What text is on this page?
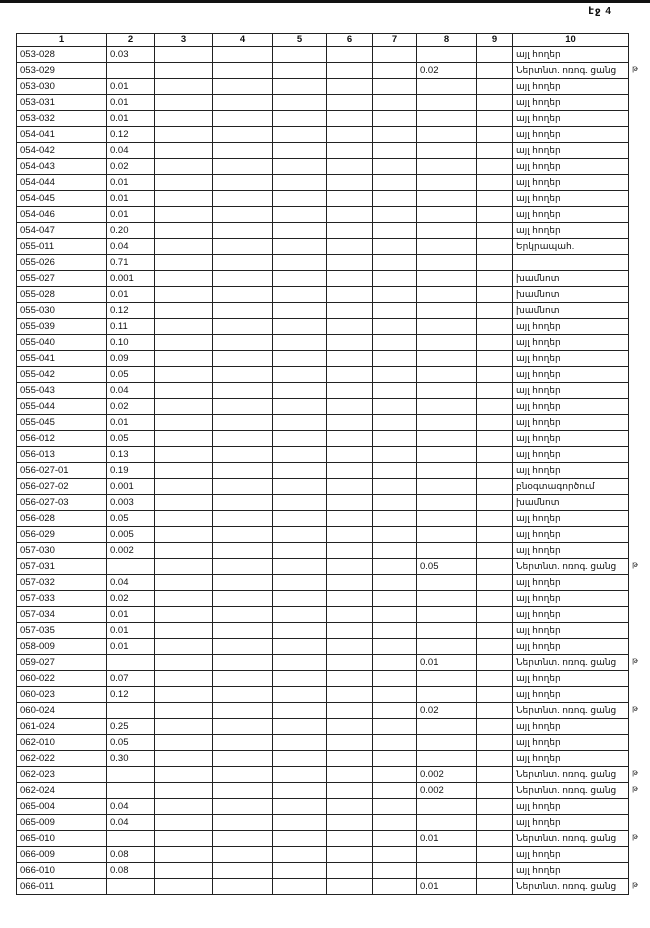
էջ 4
1	2	3	4	5	6	7	8	9	10
053-028	0.03								այլ հողեր
053-029							0.02		Ներտնտ. ոռոգ. ցանց
053-030	0.01								այլ հողեր
053-031	0.01								այլ հողեր
053-032	0.01								այլ հողեր
054-041	0.12								այլ հողեր
054-042	0.04								այլ հողեր
054-043	0.02								այլ հողեր
054-044	0.01								այլ հողեր
054-045	0.01								այլ հողեր
054-046	0.01								այլ հողեր
054-047	0.20								այլ հողեր
055-011	0.04								Երկրապահ.
055-026	0.71								
055-027	0.001								խամնոտ
055-028	0.01								խամնոտ
055-030	0.12								խամնոտ
055-039	0.11								այլ հողեր
055-040	0.10								այլ հողեր
055-041	0.09								այլ հողեր
055-042	0.05								այլ հողեր
055-043	0.04								այլ հողեր
055-044	0.02								այլ հողեր
055-045	0.01								այլ հողեր
056-012	0.05								այլ հողեր
056-013	0.13								այլ հողեր
056-027-01	0.19								այլ հողեր
056-027-02	0.001								բնօգտագործում
056-027-03	0.003								խամնոտ
056-028	0.05								այլ հողեր
056-029	0.005								այլ հողեր
057-030	0.002								այլ հողեր
057-031							0.05		Ներտնտ. ոռոգ. ցանց
057-032	0.04								այլ հողեր
057-033	0.02								այլ հողեր
057-034	0.01								այլ հողեր
057-035	0.01								այլ հողեր
058-009	0.01								այլ հողեր
059-027							0.01		Ներտնտ. ոռոգ. ցանց
060-022	0.07								այլ հողեր
060-023	0.12								այլ հողեր
060-024							0.02		Ներտնտ. ոռոգ. ցանց
061-024	0.25								այլ հողեր
062-010	0.05								այլ հողեր
062-022	0.30								այլ հողեր
062-023							0.002		Ներտնտ. ոռոգ. ցանց
062-024							0.002		Ներտնտ. ոռոգ. ցանց
065-004	0.04								այլ հողեր
065-009	0.04								այլ հողեր
065-010							0.01		Ներտնտ. ոռոգ. ցանց
066-009	0.08								այլ հողեր
066-010	0.08								այլ հողեր
066-011							0.01		Ներտնտ. ոռոգ. ցանց
թ
թ
թ
թ
թ
թ
թ
թ
